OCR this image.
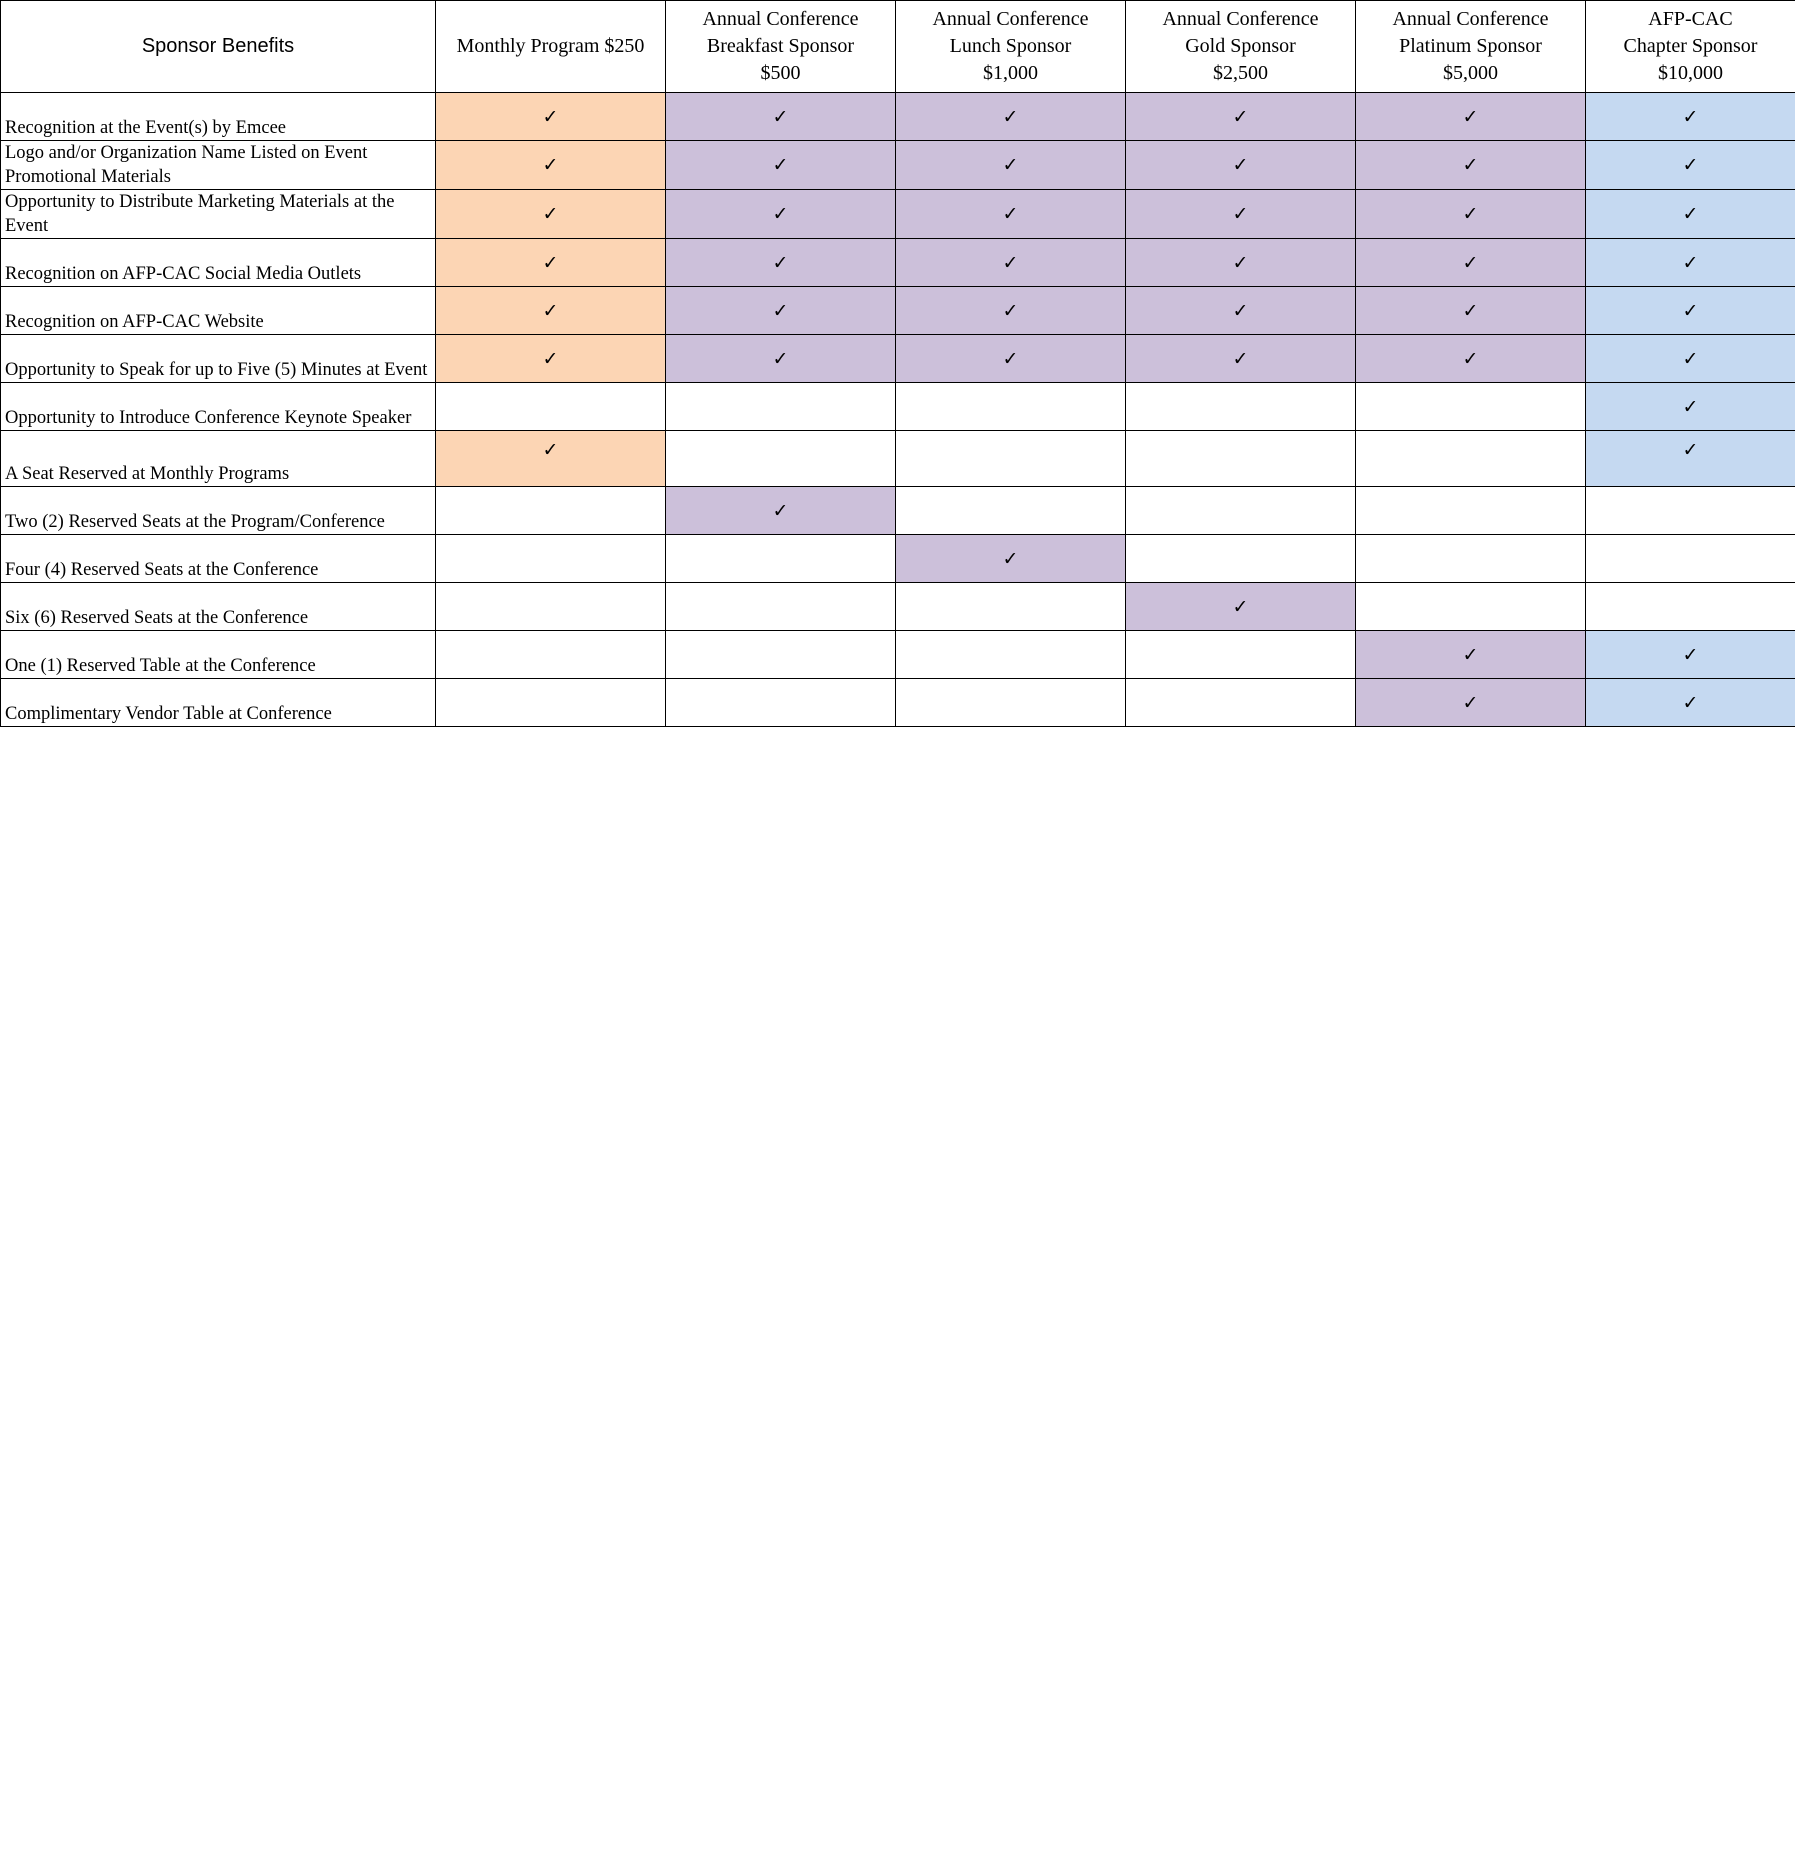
Sponsor Benefits	Monthly Program $250	Annual Conference
Breakfast Sponsor
$500	Annual Conference
Lunch Sponsor
$1,000	Annual Conference
Gold Sponsor
$2,500	Annual Conference
Platinum Sponsor
$5,000	AFP-CAC
Chapter Sponsor
$10,000

Recognition at the Event(s) by Emcee	✓	✓	✓	✓	✓	✓
Logo and/or Organization Name Listed on Event Promotional Materials	✓	✓	✓	✓	✓	✓
Opportunity to Distribute Marketing Materials at the Event	✓	✓	✓	✓	✓	✓
Recognition on AFP-CAC Social Media Outlets	✓	✓	✓	✓	✓	✓
Recognition on AFP-CAC Website	✓	✓	✓	✓	✓	✓
Opportunity to Speak for up to Five (5) Minutes at Event	✓	✓	✓	✓	✓	✓
Opportunity to Introduce Conference Keynote Speaker						✓
A Seat Reserved at Monthly Programs	✓					✓
Two (2) Reserved Seats at the Program/Conference		✓				
Four (4) Reserved Seats at the Conference			✓			
Six (6) Reserved Seats at the Conference				✓		
One (1) Reserved Table at the Conference					✓	✓
Complimentary Vendor Table at Conference					✓	✓
